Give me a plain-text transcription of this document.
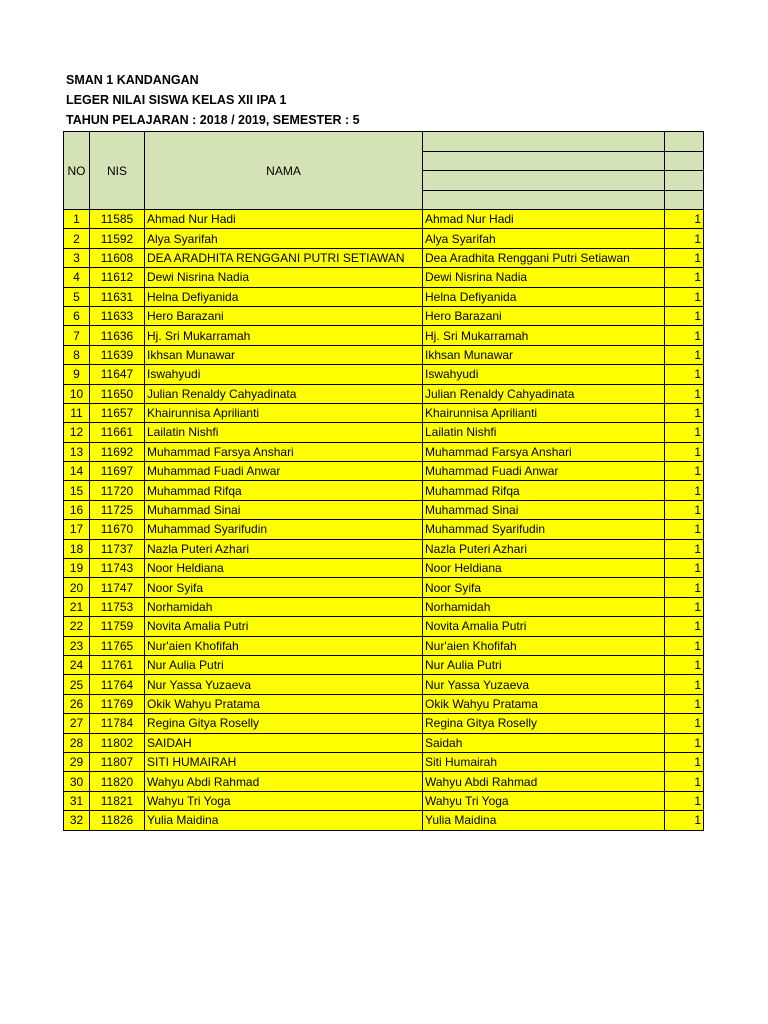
SMAN 1 KANDANGAN
LEGER NILAI SISWA KELAS XII IPA 1
TAHUN PELAJARAN : 2018 / 2019, SEMESTER : 5
NO	NIS	NAMA		

1	11585	Ahmad Nur Hadi	Ahmad Nur Hadi	1
2	11592	Alya Syarifah	Alya Syarifah	1
3	11608	DEA ARADHITA RENGGANI PUTRI SETIAWAN	Dea Aradhita Renggani Putri Setiawan	1
4	11612	Dewi Nisrina Nadia	Dewi Nisrina Nadia	1
5	11631	Helna Defiyanida	Helna Defiyanida	1
6	11633	Hero Barazani	Hero Barazani	1
7	11636	Hj. Sri Mukarramah	Hj. Sri Mukarramah	1
8	11639	Ikhsan Munawar	Ikhsan Munawar	1
9	11647	Iswahyudi	Iswahyudi	1
10	11650	Julian Renaldy Cahyadinata	Julian Renaldy Cahyadinata	1
11	11657	Khairunnisa Aprilianti	Khairunnisa Aprilianti	1
12	11661	Lailatin Nishfi	Lailatin Nishfi	1
13	11692	Muhammad Farsya Anshari	Muhammad Farsya Anshari	1
14	11697	Muhammad Fuadi Anwar	Muhammad Fuadi Anwar	1
15	11720	Muhammad Rifqa	Muhammad Rifqa	1
16	11725	Muhammad Sinai	Muhammad Sinai	1
17	11670	Muhammad Syarifudin	Muhammad Syarifudin	1
18	11737	Nazla Puteri Azhari	Nazla Puteri Azhari	1
19	11743	Noor Heldiana	Noor Heldiana	1
20	11747	Noor Syifa	Noor Syifa	1
21	11753	Norhamidah	Norhamidah	1
22	11759	Novita Amalia Putri	Novita Amalia Putri	1
23	11765	Nur'aien Khofifah	Nur'aien Khofifah	1
24	11761	Nur Aulia Putri	Nur Aulia Putri	1
25	11764	Nur Yassa Yuzaeva	Nur Yassa Yuzaeva	1
26	11769	Okik Wahyu Pratama	Okik Wahyu Pratama	1
27	11784	Regina Gitya Roselly	Regina Gitya Roselly	1
28	11802	SAIDAH	Saidah	1
29	11807	SITI HUMAIRAH	Siti Humairah	1
30	11820	Wahyu Abdi Rahmad	Wahyu Abdi Rahmad	1
31	11821	Wahyu Tri Yoga	Wahyu Tri Yoga	1
32	11826	Yulia Maidina	Yulia Maidina	1
